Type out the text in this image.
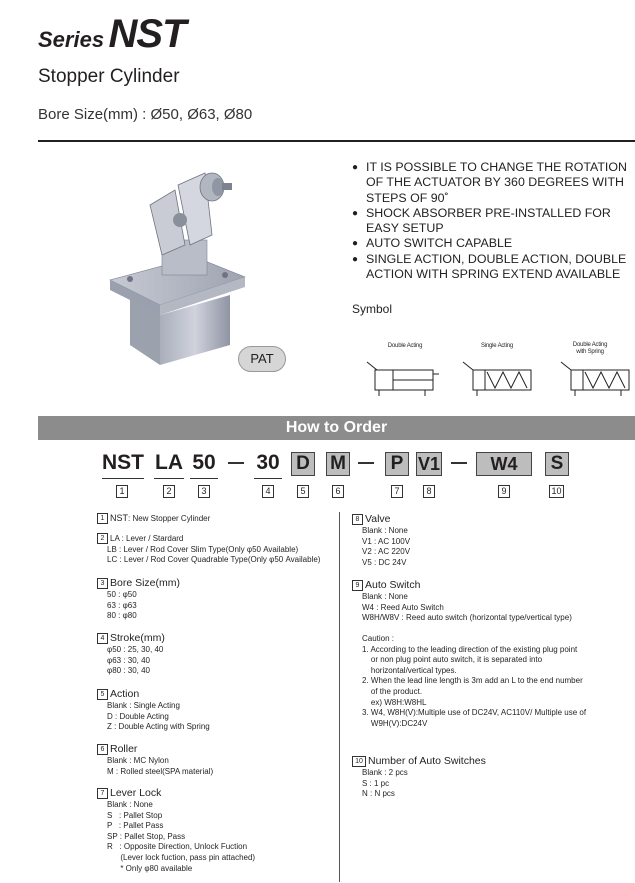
Series NST
Stopper Cylinder
Bore Size(mm) : Ø50, Ø63, Ø80
PAT

● IT IS POSSIBLE TO CHANGE THE ROTATION OF THE ACTUATOR BY 360 DEGREES WITH STEPS OF 90˚

● SHOCK ABSORBER PRE-INSTALLED FOR EASY SETUP

● AUTO SWITCH CAPABLE

● SINGLE ACTION, DOUBLE ACTION, DOUBLE ACTION WITH SPRING EXTEND AVAILABLE

Symbol
Double Acting	Single Acting	Double Acting with Spring
How to Order
NST LA 50 30 D M P V1	W4	S
1	2	3	4	5	6	7	8	9	10
1 NST: New Stopper Cylinder
2 LA : Lever / Stardard
LB : Lever / Rod Cover Slim Type(Only φ50 Available)
LC : Lever / Rod Cover Quadrable Type(Only φ50 Available)
3 Bore Size(mm)
50 : φ50
63 : φ63
80 : φ80
4 Stroke(mm)
φ50 : 25, 30, 40
φ63 : 30, 40
φ80 : 30, 40
5 Action
Blank : Single Acting
D : Double Acting
Z : Double Acting with Spring
6 Roller
Blank : MC Nylon
M : Rolled steel(SPA material)
7 Lever Lock
Blank : None
S   : Pallet Stop
P   : Pallet Pass
SP : Pallet Stop, Pass
R   : Opposite Direction, Unlock Fuction
(Lever lock fuction, pass pin attached)
* Only φ80 available
8 Valve
Blank : None
V1 : AC 100V
V2 : AC 220V
V5 : DC 24V
9 Auto Switch
Blank : None
W4 : Reed Auto Switch
W8H/W8V : Reed auto switch (horizontal type/vertical type)
Caution :
1. According to the leading direction of the existing plug point
or non plug point auto switch, it is separated into
horizontal/vertical types.
2. When the lead line length is 3m add an L to the end number
of the product.
ex) W8H:W8HL
3. W4, W8H(V):Multiple use of DC24V, AC110V/ Multiple use of
W9H(V):DC24V
10 Number of Auto Switches
Blank : 2 pcs
S : 1 pc
N : N pcs
